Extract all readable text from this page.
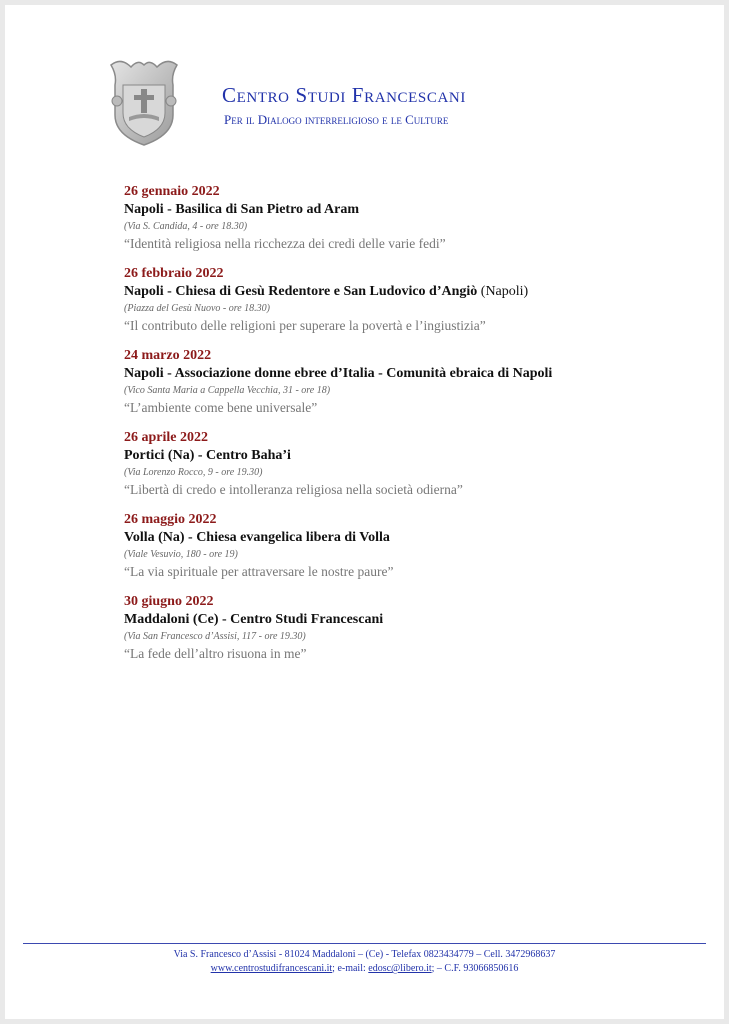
Centro Studi Francescani
Per il Dialogo interreligioso e le Culture
26 gennaio 2022
Napoli - Basilica di San Pietro ad Aram
(Via S. Candida, 4 - ore 18.30)
“Identità religiosa nella ricchezza dei credi delle varie fedi”
26 febbraio 2022
Napoli - Chiesa di Gesù Redentore e San Ludovico d’Angiò (Napoli)
(Piazza del Gesù Nuovo - ore 18.30)
“Il contributo delle religioni per superare la povertà e l’ingiustizia”
24 marzo 2022
Napoli - Associazione donne ebree d’Italia - Comunità ebraica di Napoli
(Vico Santa Maria a Cappella Vecchia, 31 - ore 18)
“L’ambiente come bene universale”
26 aprile 2022
Portici (Na) - Centro Baha’i
(Via Lorenzo Rocco, 9 - ore 19.30)
“Libertà di credo e intolleranza religiosa nella società odierna”
26 maggio 2022
Volla (Na) - Chiesa evangelica libera di Volla
(Viale Vesuvio, 180 - ore 19)
“La via spirituale per attraversare le nostre paure”
30 giugno 2022
Maddaloni (Ce) - Centro Studi Francescani
(Via San Francesco d’Assisi, 117 - ore 19.30)
“La fede dell’altro risuona in me”
Via S. Francesco d’Assisi - 81024 Maddaloni – (Ce) - Telefax 0823434779 – Cell. 3472968637
www.centrostudifrancescani.it; e-mail: edosc@libero.it; – C.F. 93066850616
